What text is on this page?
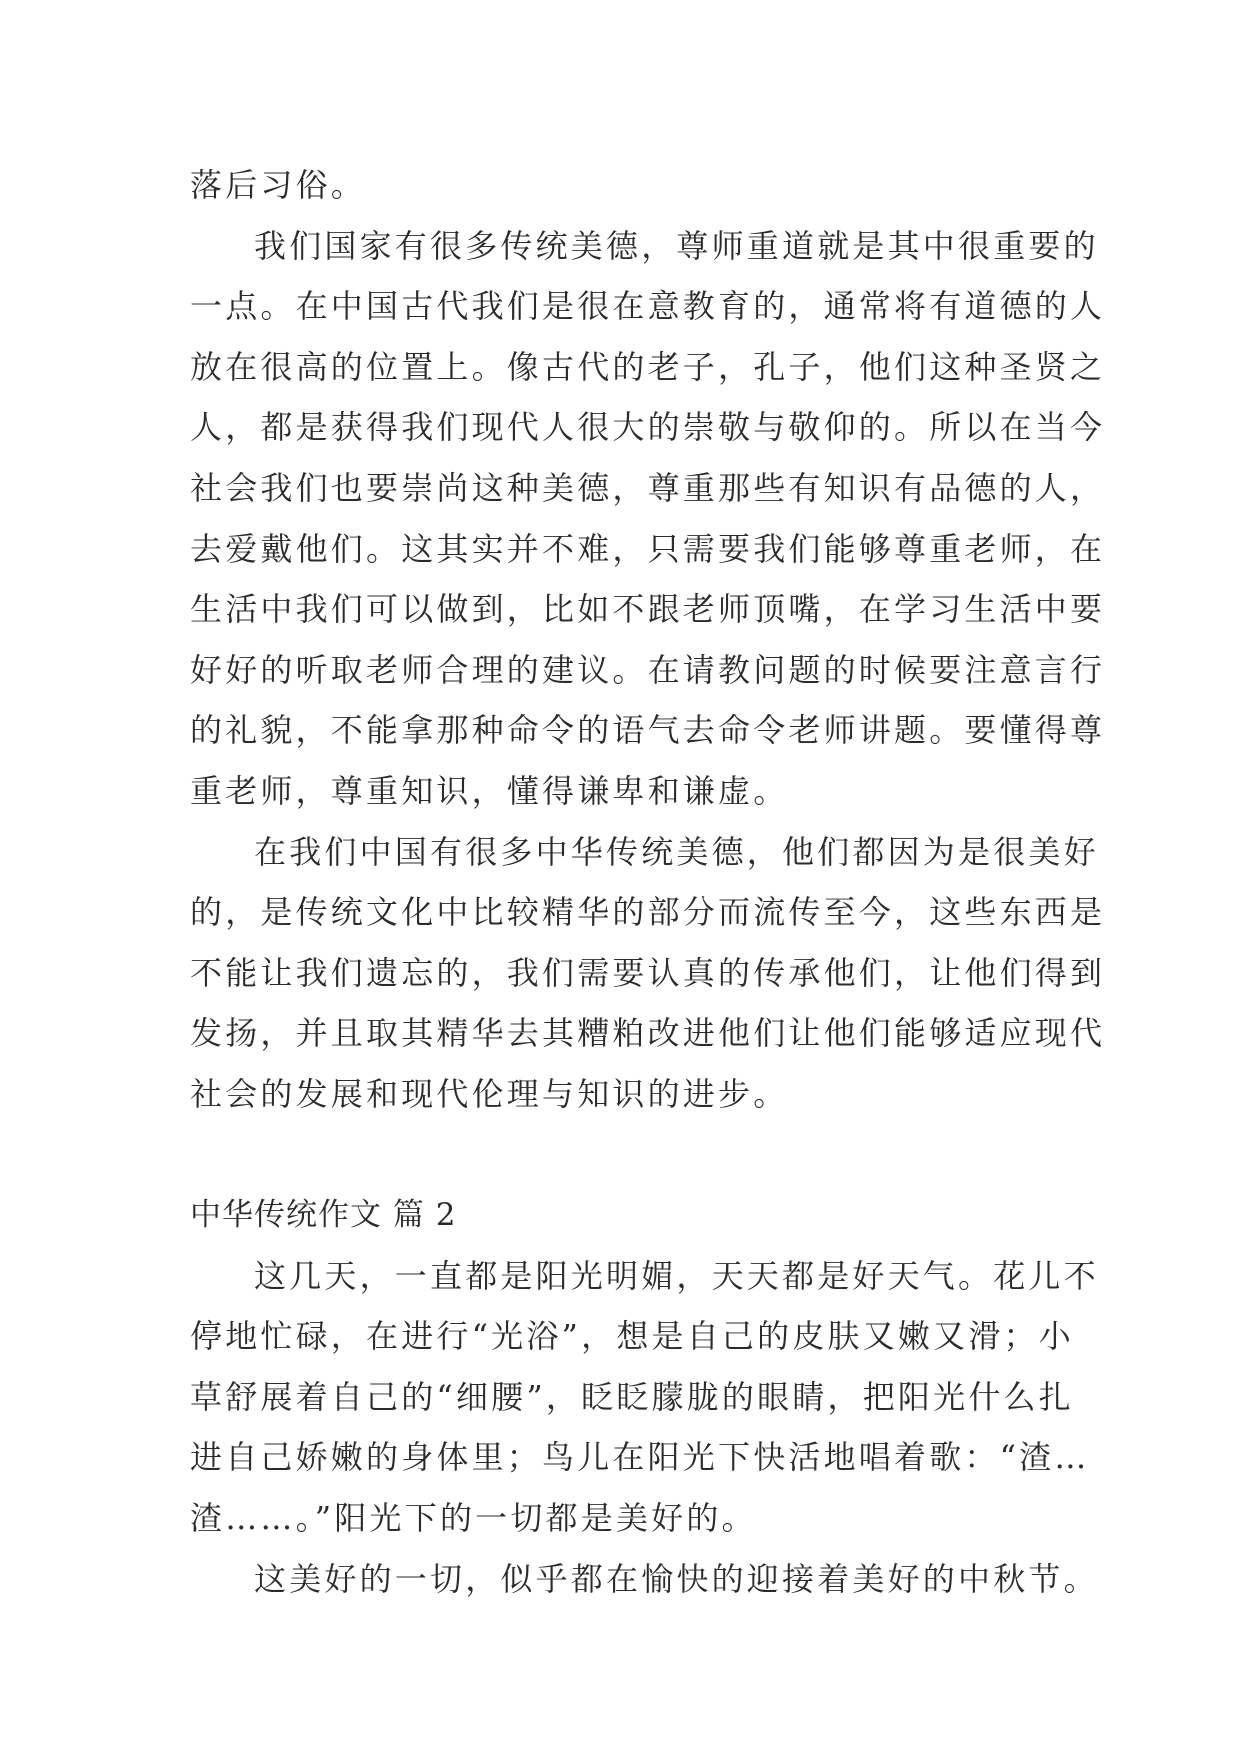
落后习俗。
我们国家有很多传统美德，尊师重道就是其中很重要的
一点。在中国古代我们是很在意教育的，通常将有道德的人
放在很高的位置上。像古代的老子，孔子，他们这种圣贤之
人，都是获得我们现代人很大的崇敬与敬仰的。所以在当今
社会我们也要崇尚这种美德，尊重那些有知识有品德的人，
去爱戴他们。这其实并不难，只需要我们能够尊重老师，在
生活中我们可以做到，比如不跟老师顶嘴，在学习生活中要
好好的听取老师合理的建议。在请教问题的时候要注意言行
的礼貌，不能拿那种命令的语气去命令老师讲题。要懂得尊
重老师，尊重知识，懂得谦卑和谦虚。
在我们中国有很多中华传统美德，他们都因为是很美好
的，是传统文化中比较精华的部分而流传至今，这些东西是
不能让我们遗忘的，我们需要认真的传承他们，让他们得到
发扬，并且取其精华去其糟粕改进他们让他们能够适应现代
社会的发展和现代伦理与知识的进步。
中华传统作文 篇 2
这几天，一直都是阳光明媚，天天都是好天气。花儿不
停地忙碌，在进行“光浴”，想是自己的皮肤又嫩又滑；小
草舒展着自己的“细腰”，眨眨朦胧的眼睛，把阳光什么扎
进自己娇嫩的身体里；鸟儿在阳光下快活地唱着歌：“渣…
渣……。”阳光下的一切都是美好的。
这美好的一切，似乎都在愉快的迎接着美好的中秋节。
